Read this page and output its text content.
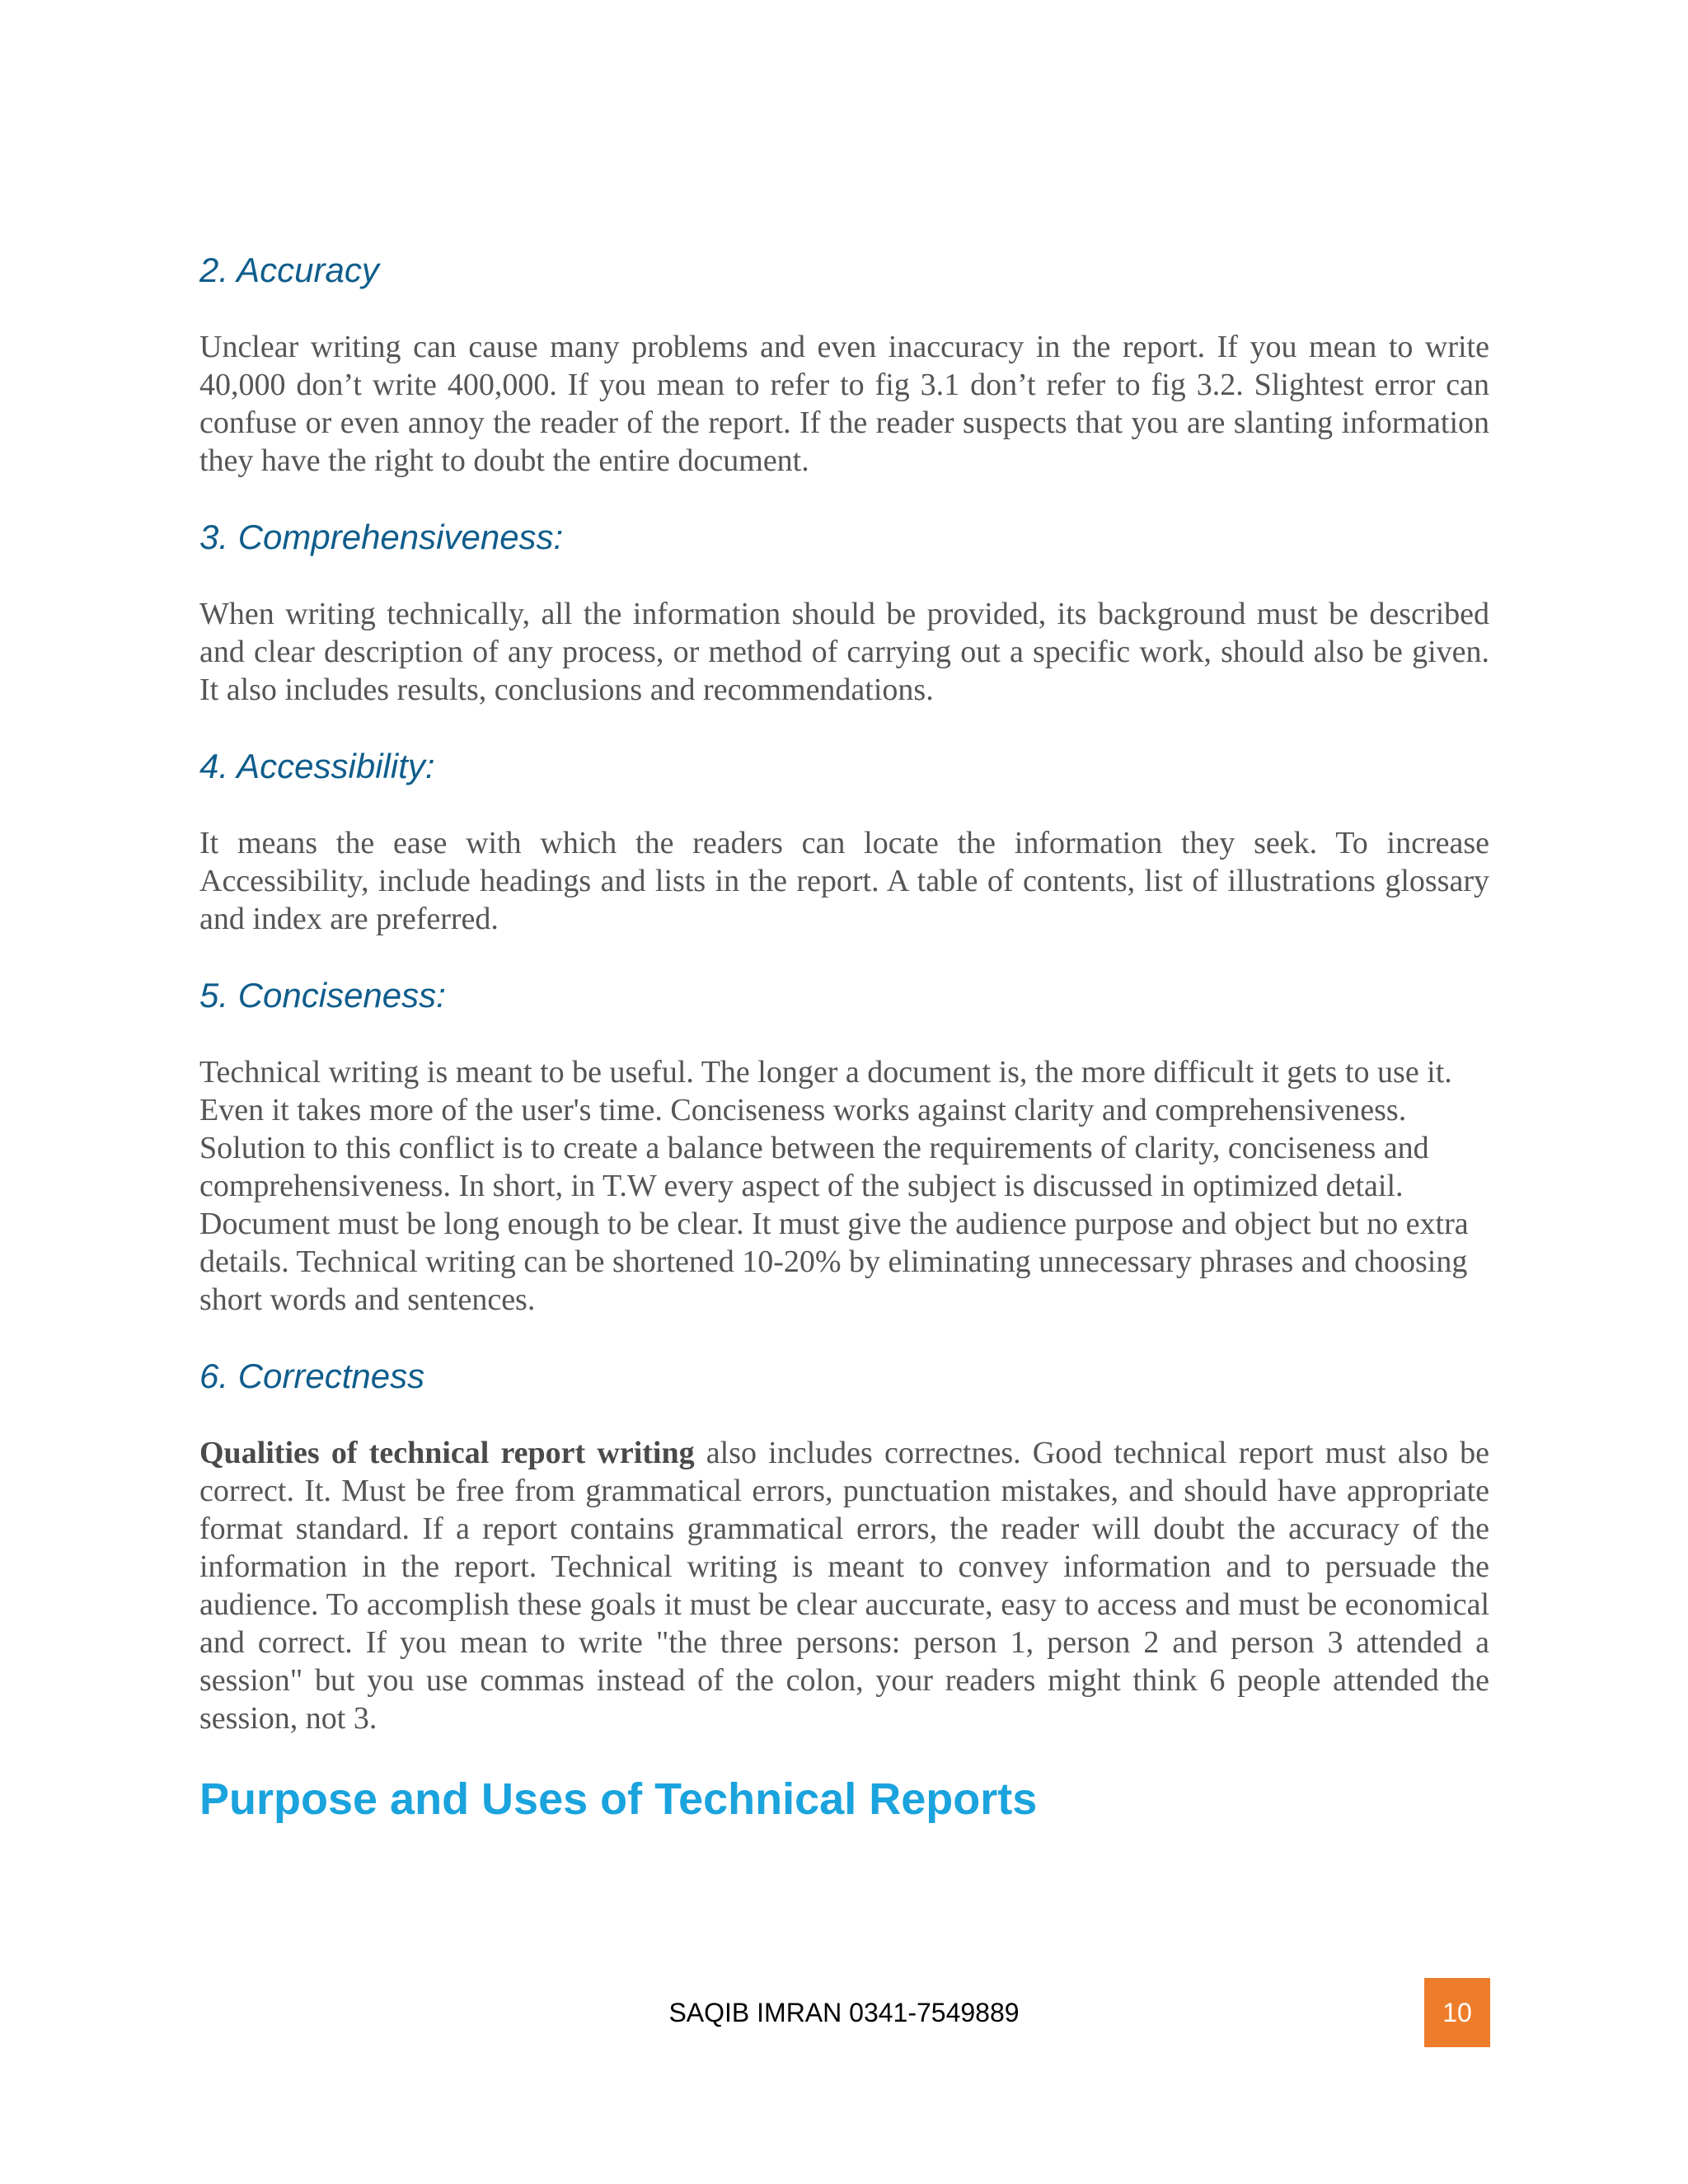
2. Accuracy

Unclear writing can cause many problems and even inaccuracy in the report. If you mean to write 40,000 don’t write 400,000. If you mean to refer to fig 3.1 don’t refer to fig 3.2. Slightest error can confuse or even annoy the reader of the report. If the reader suspects that you are slanting information they have the right to doubt the entire document.

3. Comprehensiveness:

When writing technically, all the information should be provided, its background must be described and clear description of any process, or method of carrying out a specific work, should also be given. It also includes results, conclusions and recommendations.

4. Accessibility:

It means the ease with which the readers can locate the information they seek. To increase Accessibility, include headings and lists in the report. A table of contents, list of illustrations glossary and index are preferred.

5. Conciseness:

Technical writing is meant to be useful. The longer a document is, the more difficult it gets to use it. Even it takes more of the user's time. Conciseness works against clarity and comprehensiveness. Solution to this conflict is to create a balance between the requirements of clarity, conciseness and comprehensiveness. In short, in T.W every aspect of the subject is discussed in optimized detail. Document must be long enough to be clear. It must give the audience purpose and object but no extra details. Technical writing can be shortened 10-20% by eliminating unnecessary phrases and choosing short words and sentences.

6. Correctness

Qualities of technical report writing also includes correctnes. Good technical report must also be correct. It. Must be free from grammatical errors, punctuation mistakes, and should have appropriate format standard. If a report contains grammatical errors, the reader will doubt the accuracy of the information in the report. Technical writing is meant to convey information and to persuade the audience. To accomplish these goals it must be clear auccurate, easy to access and must be economical and correct. If you mean to write "the three persons: person 1, person 2 and person 3 attended a session" but you use commas instead of the colon, your readers might think 6 people attended the session, not 3.

Purpose and Uses of Technical Reports
SAQIB IMRAN 0341-7549889	10
